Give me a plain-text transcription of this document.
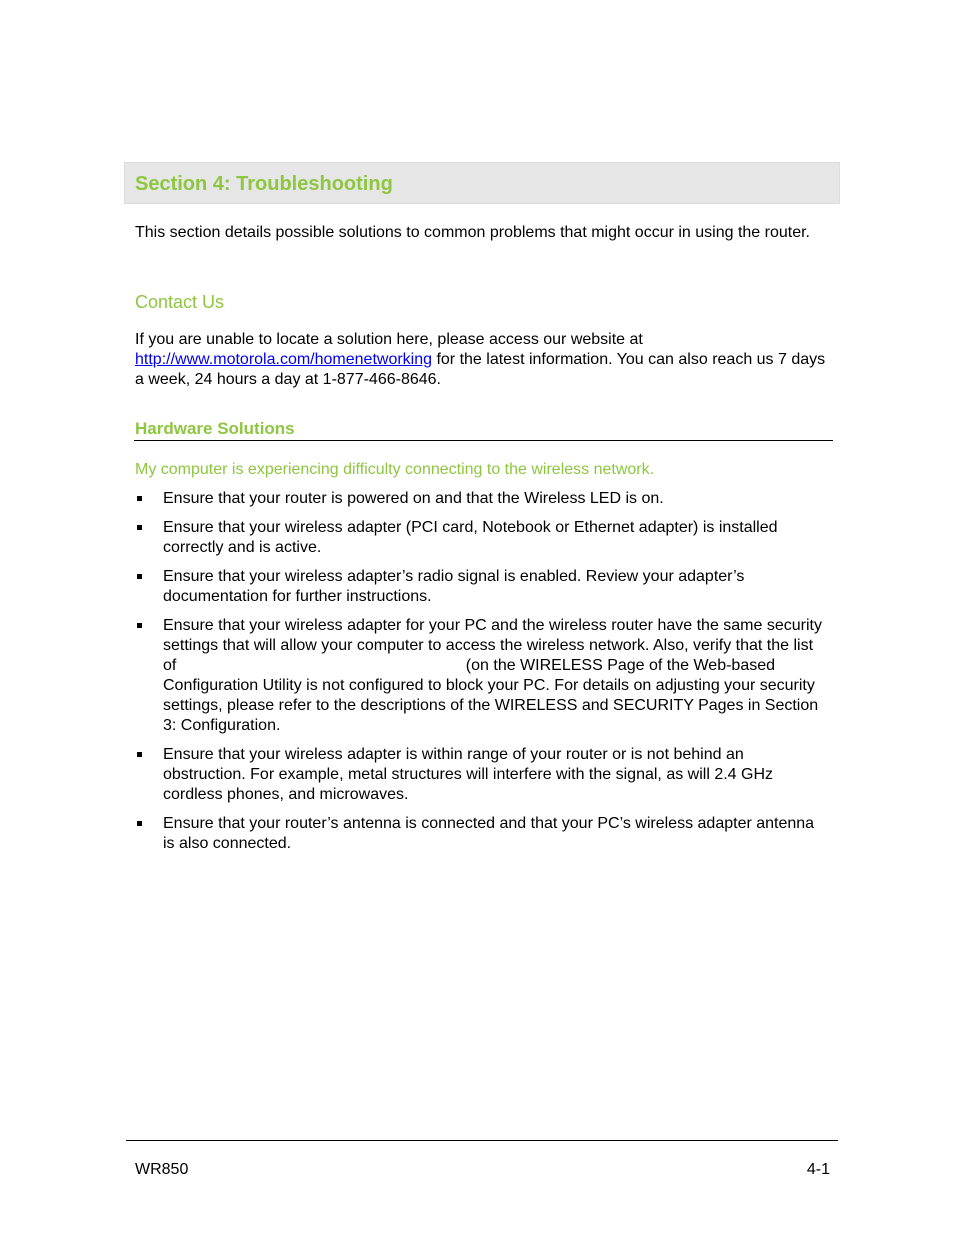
Section 4: Troubleshooting

This section details possible solutions to common problems that might occur in using the router.

Contact Us

If you are unable to locate a solution here, please access our website at
http://www.motorola.com/homenetworking for the latest information. You can also reach us 7 days a week, 24 hours a day at 1-877-466-8646.

Hardware Solutions

My computer is experiencing difficulty connecting to the wireless network.

Ensure that your router is powered on and that the Wireless LED is on.
Ensure that your wireless adapter (PCI card, Notebook or Ethernet adapter) is installed correctly and is active.
Ensure that your wireless adapter’s radio signal is enabled. Review your adapter’s documentation for further instructions.
Ensure that your wireless adapter for your PC and the wireless router have the same security settings that will allow your computer to access the wireless network. Also, verify that the list of	(on the WIRELESS Page of the Web-based Configuration Utility is not configured to block your PC. For details on adjusting your security settings, please refer to the descriptions of the WIRELESS and SECURITY Pages in Section 3: Configuration.
Ensure that your wireless adapter is within range of your router or is not behind an obstruction. For example, metal structures will interfere with the signal, as will 2.4 GHz cordless phones, and microwaves.
Ensure that your router’s antenna is connected and that your PC’s wireless adapter antenna is also connected.

WR850	4-1
